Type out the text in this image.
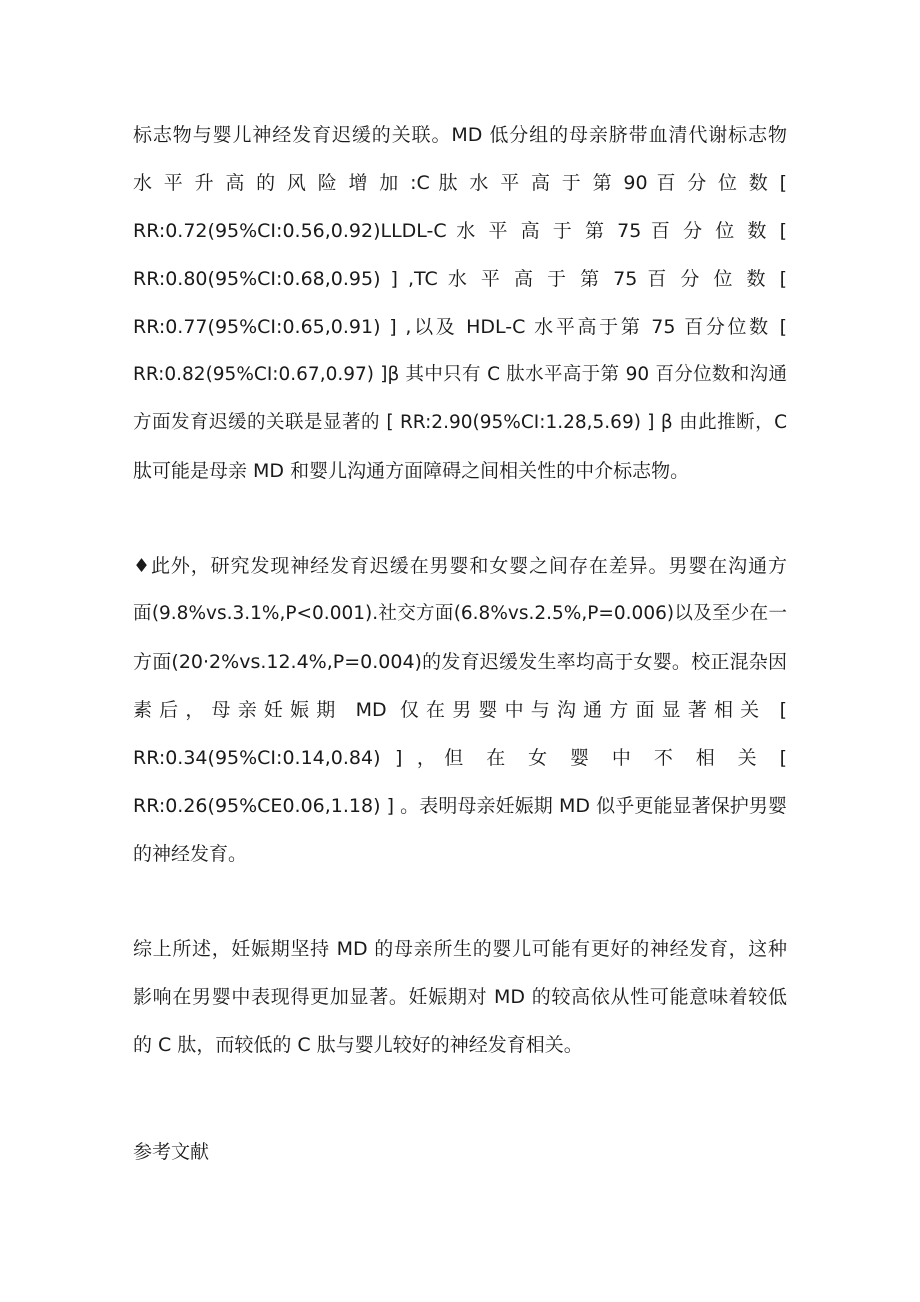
标志物与婴儿神经发育迟缓的关联。MD 低分组的母亲脐带血清代谢标志物
水 平 升 高 的 风 险 增 加 :C 肽 水 平 高 于 第 90 百 分 位 数 [
RR:0.72(95%CI:0.56,0.92)LLDL-C 水 平 高 于 第 75 百 分 位 数 [
RR:0.80(95%CI:0.68,0.95) ] ,TC 水 平 高 于 第 75 百 分 位 数 [
RR:0.77(95%CI:0.65,0.91) ] ,以及 HDL-C 水平高于第 75 百分位数 [
RR:0.82(95%CI:0.67,0.97) ]β 其中只有 C 肽水平高于第 90 百分位数和沟通
方面发育迟缓的关联是显著的 [ RR:2.90(95%CI:1.28,5.69) ] β 由此推断，C
肽可能是母亲 MD 和婴儿沟通方面障碍之间相关性的中介标志物。
♦此外，研究发现神经发育迟缓在男婴和女婴之间存在差异。男婴在沟通方
面(9.8%vs.3.1%,P<0.001).社交方面(6.8%vs.2.5%,P=0.006)以及至少在一
方面(20·2%vs.12.4%,P=0.004)的发育迟缓发生率均高于女婴。校正混杂因
素后，母亲妊娠期 MD 仅在男婴中与沟通方面显著相关 [
RR:0.34(95%CI:0.14,0.84) ] ，但 在 女 婴 中 不 相 关 [
RR:0.26(95%CE0.06,1.18) ] 。表明母亲妊娠期 MD 似乎更能显著保护男婴
的神经发育。
综上所述，妊娠期坚持 MD 的母亲所生的婴儿可能有更好的神经发育，这种
影响在男婴中表现得更加显著。妊娠期对 MD 的较高依从性可能意味着较低
的 C 肽，而较低的 C 肽与婴儿较好的神经发育相关。
参考文献
